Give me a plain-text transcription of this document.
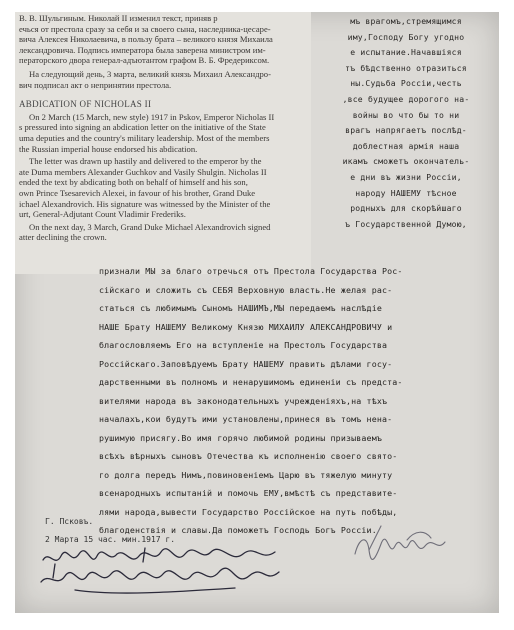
В. В. Шульгиным. Николай II изменил текст, приняв р
ечься от престола сразу за себя и за своего сына, наследника-цесаре-
вича Алексея Николаевича, в пользу брата – великого князя Михаила
лександровича. Подпись императора была заверена министром им-
ператорского двора генерал-адъютантом графом В. Б. Фредериксом.
На следующий день, 3 марта, великий князь Михаил Александро-
вич подписал акт о непринятии престола.
ABDICATION OF NICHOLAS II
On 2 March (15 March, new style) 1917 in Pskov, Emperor Nicholas II
s pressured into signing an abdication letter on the initiative of the State
uma deputies and the country's military leadership. Most of the members
the Russian imperial house endorsed his abdication.
The letter was drawn up hastily and delivered to the emperor by the
ate Duma members Alexander Guchkov and Vasily Shulgin. Nicholas II
ended the text by abdicating both on behalf of himself and his son,
own Prince Tsesarevich Alexei, in favour of his brother, Grand Duke
ichael Alexandrovich. His signature was witnessed by the Minister of the
urt, General-Adjutant Count Vladimir Frederiks.
On the next day, 3 March, Grand Duke Michael Alexandrovich signed
atter declining the crown.
мъ врагомъ,стремящимся
иму,Господу Богу угодно
е испытание.Начавшiяся
тъ бѣдственно отразиться
ны.Судьба Россiи,честь
,все будущее дорогого на-
войны во что бы то ни
врагъ напрягаетъ послѣд-
доблестная армiя наша
икамъ сможетъ окончатель-
е дни въ жизни Россiи,
народу НАШЕМУ тѣсное
родныхъ для скорѣйшаго
ъ Государственной Думою,
признали МЫ за благо отречься отъ Престола Государства Рос-
сiйскаго и сложить съ СЕБЯ Верховную власть.Не желая рас-
статься съ любимымъ Сыномъ НАШИМЪ,МЫ передаемъ наслѣдiе
НАШЕ Брату НАШЕМУ Великому Князю МИХАИЛУ АЛЕКСАНДРОВИЧУ и
благословляемъ Его на вступленiе на Престолъ Государства
Россiйскаго.Заповѣдуемъ Брату НАШЕМУ править дѣлами госу-
дарственными въ полномъ и ненарушимомъ единенiи съ предста-
вителями народа въ законодательныхъ учрежденiяхъ,на тѣхъ
началахъ,кои будутъ ими установлены,принеся въ томъ ненa-
рушимую присягу.Во имя горячо любимой родины призываемъ
всѣхъ вѣрныхъ сыновъ Отечества къ исполненiю своего свято-
го долга передъ Нимъ,повиновенiемъ Царю въ тяжелую минуту
всенародныхъ испытанiй и помочь ЕМУ,вмѣстѣ съ представите-
лями народа,вывести Государство Россiйское на путь побѣды,
благоденствiя и славы.Да поможетъ Господь Богъ Россiи.
Г. Псковъ.
2 Марта 15 час. мин.1917 г.
